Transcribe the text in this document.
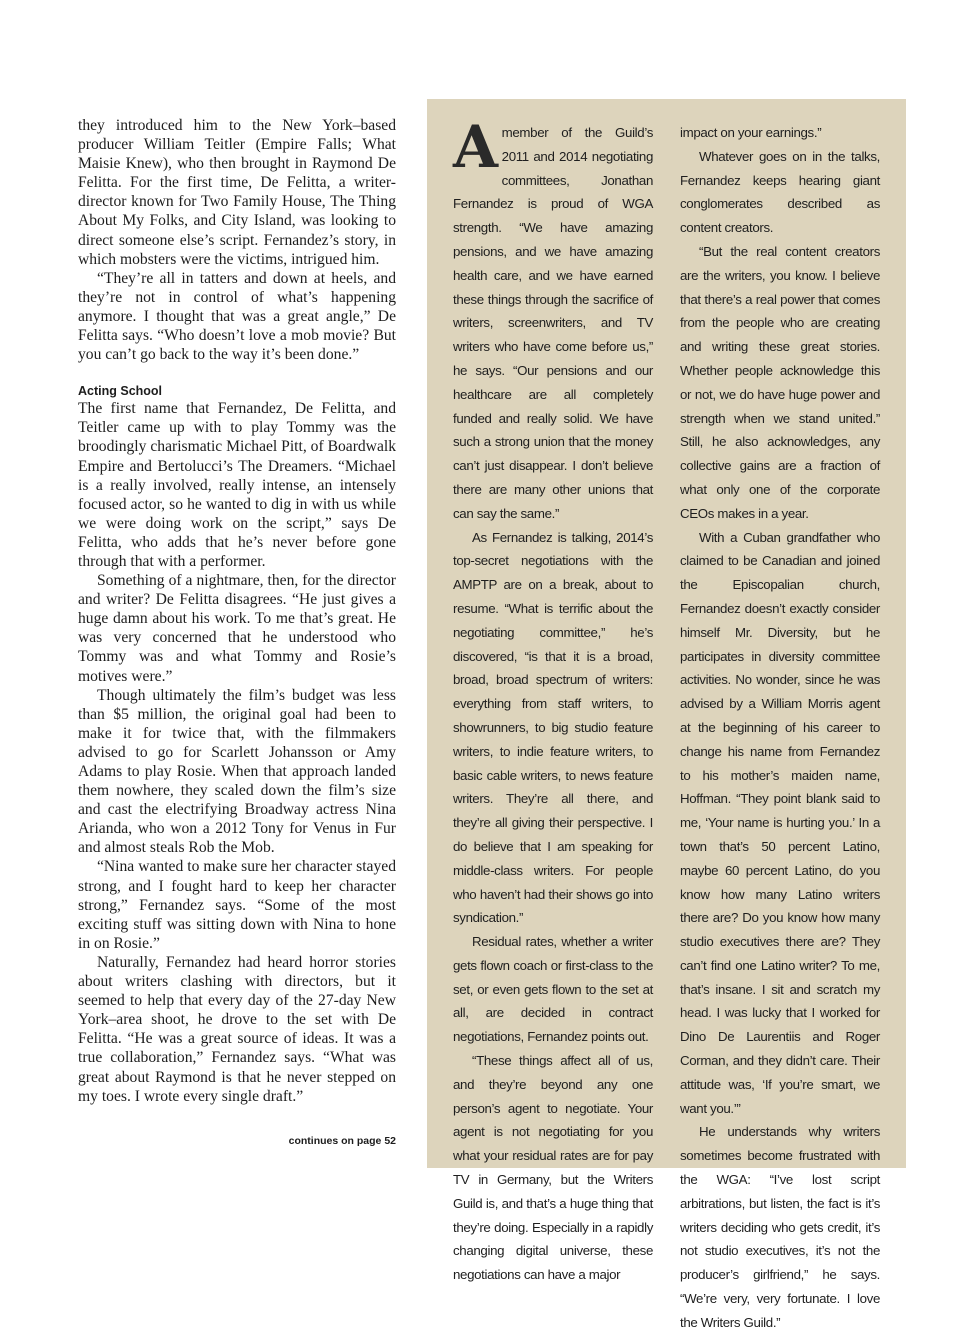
they introduced him to the New York–based producer William Teitler (Empire Falls; What Maisie Knew), who then brought in Raymond De Felitta. For the first time, De Felitta, a writer-director known for Two Family House, The Thing About My Folks, and City Island, was looking to direct someone else’s script. Fernandez’s story, in which mobsters were the victims, intrigued him.

“They’re all in tatters and down at heels, and they’re not in control of what’s happening anymore. I thought that was a great angle,” De Felitta says. “Who doesn’t love a mob movie? But you can’t go back to the way it’s been done.”

Acting School

The first name that Fernandez, De Felitta, and Teitler came up with to play Tommy was the broodingly charismatic Michael Pitt, of Boardwalk Empire and Bertolucci’s The Dreamers. “Michael is a really involved, really intense, an intensely focused actor, so he wanted to dig in with us while we were doing work on the script,” says De Felitta, who adds that he’s never before gone through that with a performer.

Something of a nightmare, then, for the director and writer? De Felitta disagrees. “He just gives a huge damn about his work. To me that’s great. He was very concerned that he understood who Tommy was and what Tommy and Rosie’s motives were.”

Though ultimately the film’s budget was less than $5 million, the original goal had been to make it for twice that, with the filmmakers advised to go for Scarlett Johansson or Amy Adams to play Rosie. When that approach landed them nowhere, they scaled down the film’s size and cast the electrifying Broadway actress Nina Arianda, who won a 2012 Tony for Venus in Fur and almost steals Rob the Mob.

“Nina wanted to make sure her character stayed strong, and I fought hard to keep her character strong,” Fernandez says. “Some of the most exciting stuff was sitting down with Nina to hone in on Rosie.”

Naturally, Fernandez had heard horror stories about writers clashing with directors, but it seemed to help that every day of the 27-day New York–area shoot, he drove to the set with De Felitta. “He was a great source of ideas. It was a true collaboration,” Fernandez says. “What was great about Raymond is that he never stepped on my toes. I wrote every single draft.”

continues on page 52

Amember of the Guild’s 2011 and 2014 negotiating committees, Jonathan Fernandez is proud of WGA strength. “We have amazing pensions, and we have amazing health care, and we have earned these things through the sacrifice of writers, screenwriters, and TV writers who have come before us,” he says. “Our pensions and our healthcare are all completely funded and really solid. We have such a strong union that the money can’t just disappear. I don’t believe there are many other unions that can say the same.”

As Fernandez is talking, 2014’s top-secret negotiations with the AMPTP are on a break, about to resume. “What is terrific about the negotiating committee,” he’s discovered, “is that it is a broad, broad, broad spectrum of writers: everything from staff writers, to showrunners, to big studio feature writers, to indie feature writers, to basic cable writers, to news feature writers. They’re all there, and they’re all giving their perspective. I do believe that I am speaking for middle-class writers. For people who haven’t had their shows go into syndication.”

Residual rates, whether a writer gets flown coach or first-class to the set, or even gets flown to the set at all, are decided in contract negotiations, Fernandez points out.

“These things affect all of us, and they’re beyond any one person’s agent to negotiate. Your agent is not negotiating for you what your residual rates are for pay TV in Germany, but the Writers Guild is, and that’s a huge thing that they’re doing. Especially in a rapidly changing digital universe, these negotiations can have a major

impact on your earnings.”

Whatever goes on in the talks, Fernandez keeps hearing giant conglomerates described as content creators.

“But the real content creators are the writers, you know. I believe that there’s a real power that comes from the people who are creating and writing these great stories. Whether people acknowledge this or not, we do have huge power and strength when we stand united.” Still, he also acknowledges, any collective gains are a fraction of what only one of the corporate CEOs makes in a year.

With a Cuban grandfather who claimed to be Canadian and joined the Episcopalian church, Fernandez doesn’t exactly consider himself Mr. Diversity, but he participates in diversity committee activities. No wonder, since he was advised by a William Morris agent at the beginning of his career to change his name from Fernandez to his mother’s maiden name, Hoffman. “They point blank said to me, ‘Your name is hurting you.’ In a town that’s 50 percent Latino, maybe 60 percent Latino, do you know how many Latino writers there are? Do you know how many studio executives there are? They can’t find one Latino writer? To me, that’s insane. I sit and scratch my head. I was lucky that I worked for Dino De Laurentiis and Roger Corman, and they didn’t care. Their attitude was, ‘If you’re smart, we want you.’”

He understands why writers sometimes become frustrated with the WGA: “I’ve lost script arbitrations, but listen, the fact is it’s writers deciding who gets credit, it’s not studio executives, it’s not the producer’s girlfriend,” he says. “We’re very, very fortunate. I love the Writers Guild.”
